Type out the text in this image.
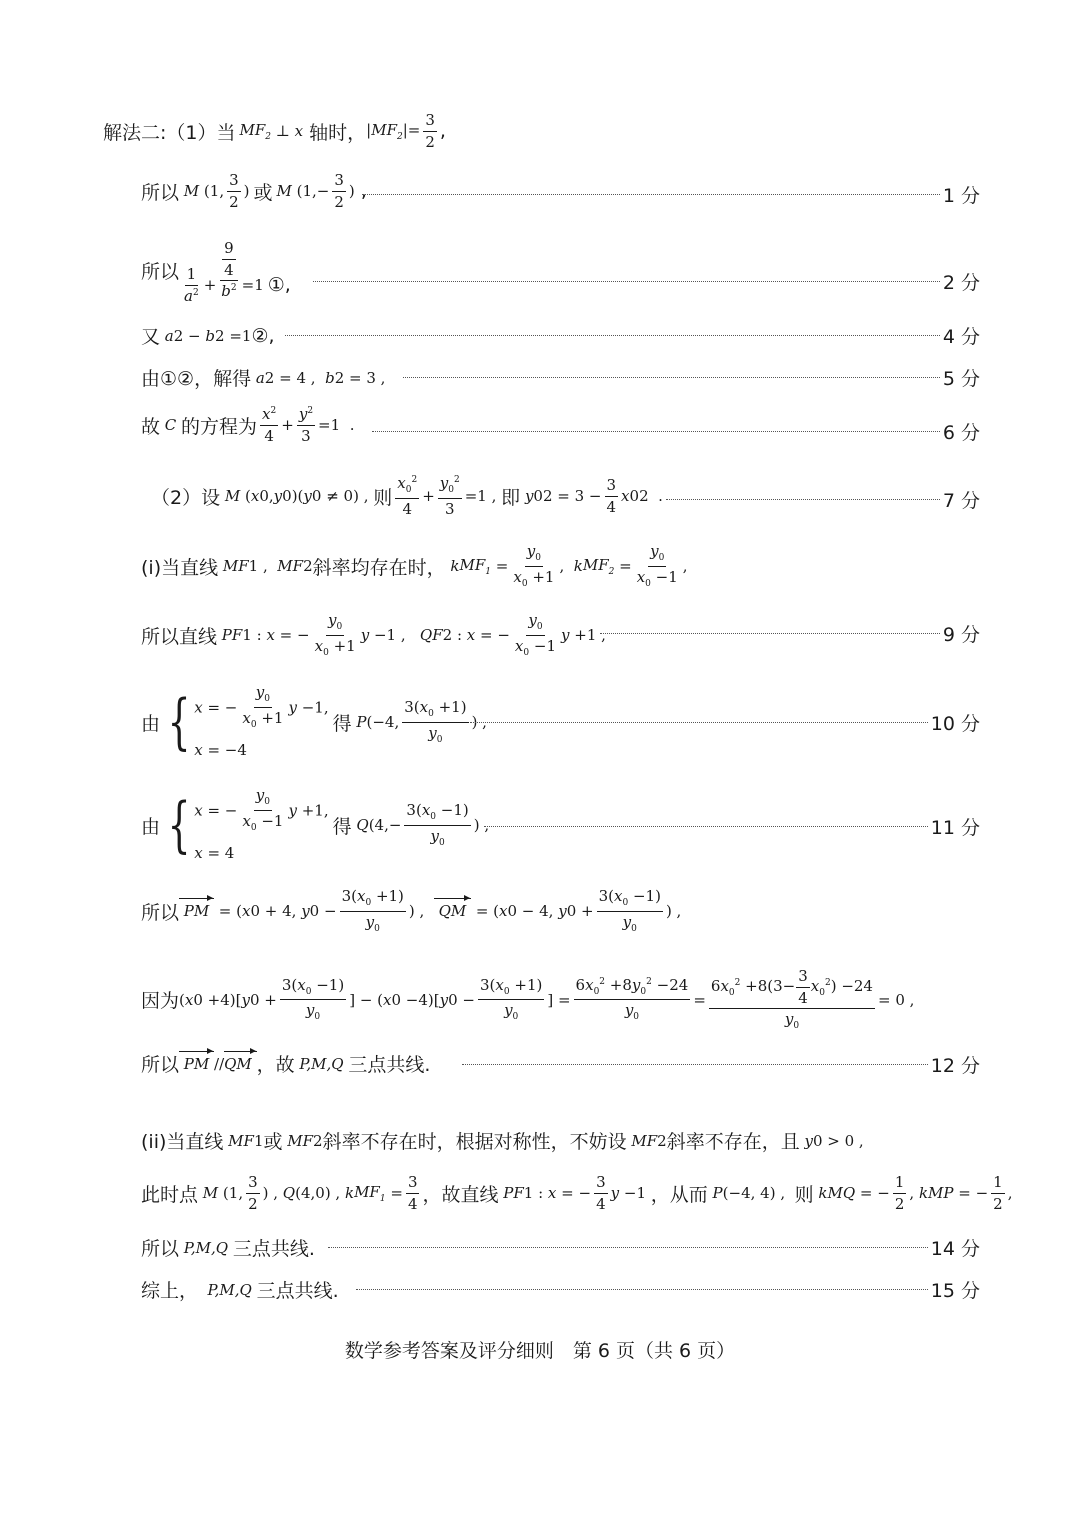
解法二:（1）当 $MF_2$ ⊥ x 轴时， $|MF_2|= \frac{3}{2}$ ,
所以 M (1, $\frac{3}{2}$ ) 或 M ($1,- \frac{3}{2}$ ) ,	1 分
所以 $\frac{1}{a^2} + \frac{\frac{9}{4}}{b^2} =1$ ①,	2 分
又 a 2 − b 2 =1 ②,	4 分
由①②，解得 a 2 = 4 , b 2 = 3 ,	5 分
故 C 的方程为 $\frac{x^2}{4} + \frac{y^2}{3} =1$  .	6 分
（2）设 M ( x 0 , y 0 )( y 0 ≠ 0) , 则 $\frac{x_0^2}{4} + \frac{y_0^2}{3} =1$ , 即 y 0 $2 = 3 - \frac{3}{4}$ x 0 2 .	7 分
(i)当直线 MF 1 , MF 2 斜率均存在时， k $MF_1 = \frac{y_0}{x_0 +1}$ , k $MF_2 = \frac{y_0}{x_0 -1}$ ,
所以直线 PF 1 : x = − $\frac{y_0}{x_0 +1}$ y −1 , QF 2 : x = − $\frac{y_0}{x_0 -1}$ y +1 ,	9 分
由 { x = − $\frac{y_0}{x_0 +1}$ y −1,
x = −4
得 P (−4, $\frac{3(x_0 +1)}{y_0}$ ) ,	10 分
由 { x = − $\frac{y_0}{x_0 -1}$ y +1,
x = 4
得 Q ($4,- \frac{3(x_0 -1)}{y_0}$ ) ,	11 分
所以 PM = ( x 0 + 4, y $0 - \frac{3(x_0 +1)}{y_0}$ ) , QM = ( x 0 − 4, y $0 + \frac{3(x_0 -1)}{y_0}$ ) ,
因为 ( x 0 +4)[ y $0 + \frac{3(x_0 -1)}{y_0}$ ] − ( x 0 −4)[ y $0 - \frac{3(x_0 +1)}{y_0}$ ] = $\frac{6x_0^2 +8y_0^2 -24}{y_0} = \frac{6x_0^2 +8(3- \frac{3}{4} x_0^2) -24}{y_0} = 0$ ,
所以 PM // QM ，故 P,M,Q 三点共线.	12 分
(ii)当直线 MF 1 或 MF 2 斜率不存在时，根据对称性，不妨设 MF 2 斜率不存在，且 y 0 > 0 ,
此时点 M (1, $\frac{3}{2}$ ) , Q (4,0) , k $MF_1 = \frac{3}{4}$ ，故直线 PF 1 : x = − $\frac{3}{4}$ y −1 ，从而 P (−4, 4) , 则 k MQ = − $\frac{1}{2}$ , k MP = − $\frac{1}{2}$ ,
所以 P,M,Q 三点共线.	14 分
综上， P,M,Q 三点共线.	15 分
数学参考答案及评分细则　第 6 页（共 6 页）
